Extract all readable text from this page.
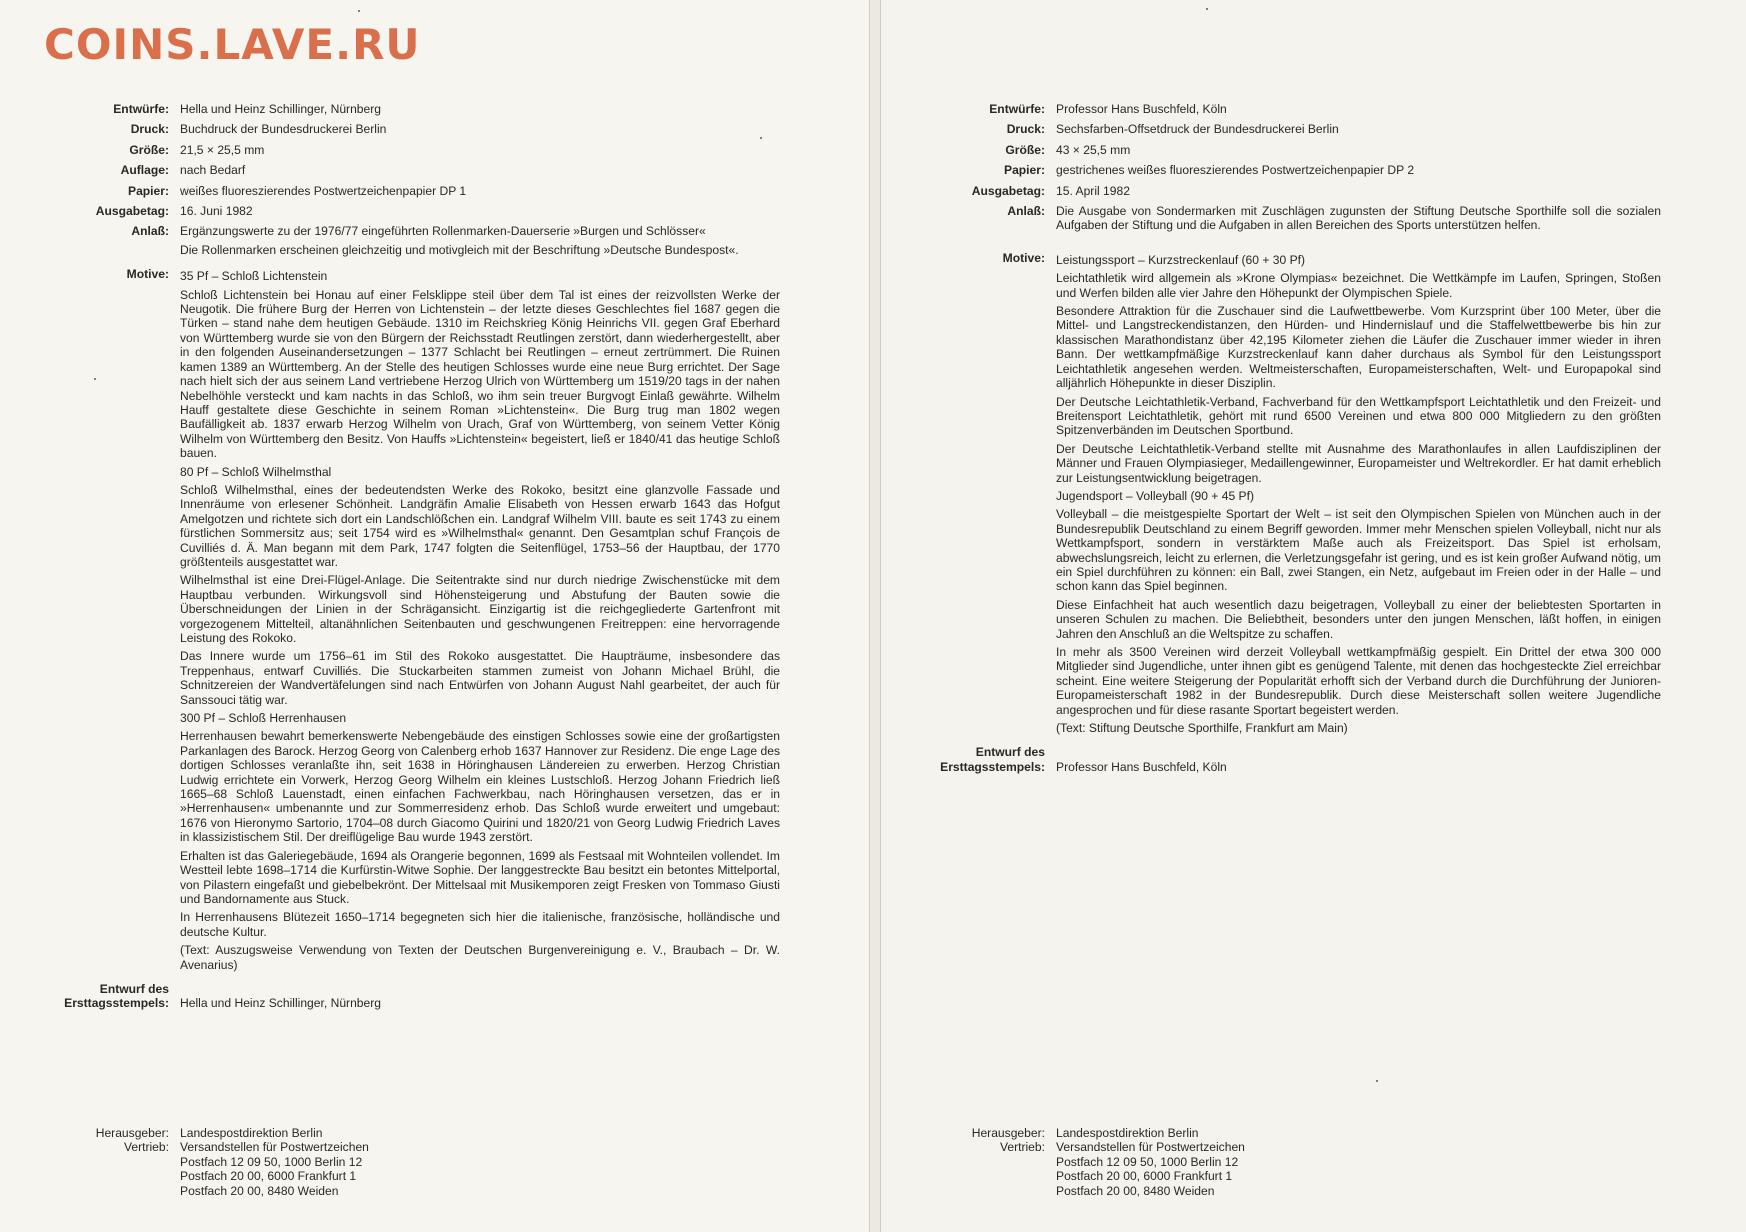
COINS.LAVE.RU
Entwürfe: Hella und Heinz Schillinger, Nürnberg
Druck: Buchdruck der Bundesdruckerei Berlin
Größe: 21,5 × 25,5 mm
Auflage: nach Bedarf
Papier: weißes fluoreszierendes Postwertzeichenpapier DP 1
Ausgabetag: 16. Juni 1982
Anlaß: Ergänzungswerte zu der 1976/77 eingeführten Rollenmarken-Dauerserie »Burgen und Schlösser«
Die Rollenmarken erscheinen gleichzeitig und motivgleich mit der Beschriftung »Deutsche Bundespost«.
Motive: 35 Pf – Schloß Lichtenstein
Schloß Lichtenstein bei Honau auf einer Felsklippe steil über dem Tal ist eines der reizvollsten Werke der Neugotik. Die frühere Burg der Herren von Lichtenstein – der letzte dieses Geschlechtes fiel 1687 gegen die Türken – stand nahe dem heutigen Gebäude. 1310 im Reichskrieg König Heinrichs VII. gegen Graf Eberhard von Württemberg wurde sie von den Bürgern der Reichsstadt Reutlingen zerstört, dann wiederhergestellt, aber in den folgenden Auseinandersetzungen – 1377 Schlacht bei Reutlingen – erneut zertrümmert. Die Ruinen kamen 1389 an Württemberg. An der Stelle des heutigen Schlosses wurde eine neue Burg errichtet. Der Sage nach hielt sich der aus seinem Land vertriebene Herzog Ulrich von Württemberg um 1519/20 tags in der nahen Nebelhöhle versteckt und kam nachts in das Schloß, wo ihm sein treuer Burgvogt Einlaß gewährte. Wilhelm Hauff gestaltete diese Geschichte in seinem Roman »Lichtenstein«. Die Burg trug man 1802 wegen Baufälligkeit ab. 1837 erwarb Herzog Wilhelm von Urach, Graf von Württemberg, von seinem Vetter König Wilhelm von Württemberg den Besitz. Von Hauffs »Lichtenstein« begeistert, ließ er 1840/41 das heutige Schloß bauen.
80 Pf – Schloß Wilhelmsthal
Schloß Wilhelmsthal, eines der bedeutendsten Werke des Rokoko, besitzt eine glanzvolle Fassade und Innenräume von erlesener Schönheit. Landgräfin Amalie Elisabeth von Hessen erwarb 1643 das Hofgut Amelgotzen und richtete sich dort ein Landschlößchen ein. Landgraf Wilhelm VIII. baute es seit 1743 zu einem fürstlichen Sommersitz aus; seit 1754 wird es »Wilhelmsthal« genannt. Den Gesamtplan schuf François de Cuvilliés d. Ä. Man begann mit dem Park, 1747 folgten die Seitenflügel, 1753–56 der Hauptbau, der 1770 größtenteils ausgestattet war.
Wilhelmsthal ist eine Drei-Flügel-Anlage. Die Seitentrakte sind nur durch niedrige Zwischenstücke mit dem Hauptbau verbunden. Wirkungsvoll sind Höhensteigerung und Abstufung der Bauten sowie die Überschneidungen der Linien in der Schrägansicht. Einzigartig ist die reichgegliederte Gartenfront mit vorgezogenem Mittelteil, altanähnlichen Seitenbauten und geschwungenen Freitreppen: eine hervorragende Leistung des Rokoko.
Das Innere wurde um 1756–61 im Stil des Rokoko ausgestattet. Die Haupträume, insbesondere das Treppenhaus, entwarf Cuvilliés. Die Stuckarbeiten stammen zumeist von Johann Michael Brühl, die Schnitzereien der Wandvertäfelungen sind nach Entwürfen von Johann August Nahl gearbeitet, der auch für Sanssouci tätig war.
300 Pf – Schloß Herrenhausen
Herrenhausen bewahrt bemerkenswerte Nebengebäude des einstigen Schlosses sowie eine der großartigsten Parkanlagen des Barock. Herzog Georg von Calenberg erhob 1637 Hannover zur Residenz. Die enge Lage des dortigen Schlosses veranlaßte ihn, seit 1638 in Höringhausen Ländereien zu erwerben. Herzog Christian Ludwig errichtete ein Vorwerk, Herzog Georg Wilhelm ein kleines Lustschloß. Herzog Johann Friedrich ließ 1665–68 Schloß Lauenstadt, einen einfachen Fachwerkbau, nach Höringhausen versetzen, das er in »Herrenhausen« umbenannte und zur Sommerresidenz erhob. Das Schloß wurde erweitert und umgebaut: 1676 von Hieronymo Sartorio, 1704–08 durch Giacomo Quirini und 1820/21 von Georg Ludwig Friedrich Laves in klassizistischem Stil. Der dreiflügelige Bau wurde 1943 zerstört.
Erhalten ist das Galeriegebäude, 1694 als Orangerie begonnen, 1699 als Festsaal mit Wohnteilen vollendet. Im Westteil lebte 1698–1714 die Kurfürstin-Witwe Sophie. Der langgestreckte Bau besitzt ein betontes Mittelportal, von Pilastern eingefaßt und giebelbekrönt. Der Mittelsaal mit Musikemporen zeigt Fresken von Tommaso Giusti und Bandornamente aus Stuck.
In Herrenhausens Blütezeit 1650–1714 begegneten sich hier die italienische, französische, holländische und deutsche Kultur.
(Text: Auszugsweise Verwendung von Texten der Deutschen Burgenvereinigung e. V., Braubach – Dr. W. Avenarius)
Entwurf des
Ersttagsstempels: Hella und Heinz Schillinger, Nürnberg
Herausgeber: Landespostdirektion Berlin
Vertrieb: Versandstellen für Postwertzeichen
Postfach 12 09 50, 1000 Berlin 12
Postfach 20 00, 6000 Frankfurt 1
Postfach 20 00, 8480 Weiden
Entwürfe: Professor Hans Buschfeld, Köln
Druck: Sechsfarben-Offsetdruck der Bundesdruckerei Berlin
Größe: 43 × 25,5 mm
Papier: gestrichenes weißes fluoreszierendes Postwertzeichenpapier DP 2
Ausgabetag: 15. April 1982
Anlaß: Die Ausgabe von Sondermarken mit Zuschlägen zugunsten der Stiftung Deutsche Sporthilfe soll die sozialen Aufgaben der Stiftung und die Aufgaben in allen Bereichen des Sports unterstützen helfen.
Motive: Leistungssport – Kurzstreckenlauf (60 + 30 Pf)
Leichtathletik wird allgemein als »Krone Olympias« bezeichnet. Die Wettkämpfe im Laufen, Springen, Stoßen und Werfen bilden alle vier Jahre den Höhepunkt der Olympischen Spiele.
Besondere Attraktion für die Zuschauer sind die Laufwettbewerbe. Vom Kurzsprint über 100 Meter, über die Mittel- und Langstreckendistanzen, den Hürden- und Hindernislauf und die Staffelwettbewerbe bis hin zur klassischen Marathondistanz über 42,195 Kilometer ziehen die Läufer die Zuschauer immer wieder in ihren Bann. Der wettkampfmäßige Kurzstreckenlauf kann daher durchaus als Symbol für den Leistungssport Leichtathletik angesehen werden. Weltmeisterschaften, Europameisterschaften, Welt- und Europapokal sind alljährlich Höhepunkte in dieser Disziplin.
Der Deutsche Leichtathletik-Verband, Fachverband für den Wettkampfsport Leichtathletik und den Freizeit- und Breitensport Leichtathletik, gehört mit rund 6500 Vereinen und etwa 800 000 Mitgliedern zu den größten Spitzenverbänden im Deutschen Sportbund.
Der Deutsche Leichtathletik-Verband stellte mit Ausnahme des Marathonlaufes in allen Laufdisziplinen der Männer und Frauen Olympiasieger, Medaillengewinner, Europameister und Weltrekordler. Er hat damit erheblich zur Leistungsentwicklung beigetragen.
Jugendsport – Volleyball (90 + 45 Pf)
Volleyball – die meistgespielte Sportart der Welt – ist seit den Olympischen Spielen von München auch in der Bundesrepublik Deutschland zu einem Begriff geworden. Immer mehr Menschen spielen Volleyball, nicht nur als Wettkampfsport, sondern in verstärktem Maße auch als Freizeitsport. Das Spiel ist erholsam, abwechslungsreich, leicht zu erlernen, die Verletzungsgefahr ist gering, und es ist kein großer Aufwand nötig, um ein Spiel durchführen zu können: ein Ball, zwei Stangen, ein Netz, aufgebaut im Freien oder in der Halle – und schon kann das Spiel beginnen.
Diese Einfachheit hat auch wesentlich dazu beigetragen, Volleyball zu einer der beliebtesten Sportarten in unseren Schulen zu machen. Die Beliebtheit, besonders unter den jungen Menschen, läßt hoffen, in einigen Jahren den Anschluß an die Weltspitze zu schaffen.
In mehr als 3500 Vereinen wird derzeit Volleyball wettkampfmäßig gespielt. Ein Drittel der etwa 300 000 Mitglieder sind Jugendliche, unter ihnen gibt es genügend Talente, mit denen das hochgesteckte Ziel erreichbar scheint. Eine weitere Steigerung der Popularität erhofft sich der Verband durch die Durchführung der Junioren-Europameisterschaft 1982 in der Bundesrepublik. Durch diese Meisterschaft sollen weitere Jugendliche angesprochen und für diese rasante Sportart begeistert werden.
(Text: Stiftung Deutsche Sporthilfe, Frankfurt am Main)
Entwurf des
Ersttagsstempels: Professor Hans Buschfeld, Köln
Herausgeber: Landespostdirektion Berlin
Vertrieb: Versandstellen für Postwertzeichen
Postfach 12 09 50, 1000 Berlin 12
Postfach 20 00, 6000 Frankfurt 1
Postfach 20 00, 8480 Weiden
